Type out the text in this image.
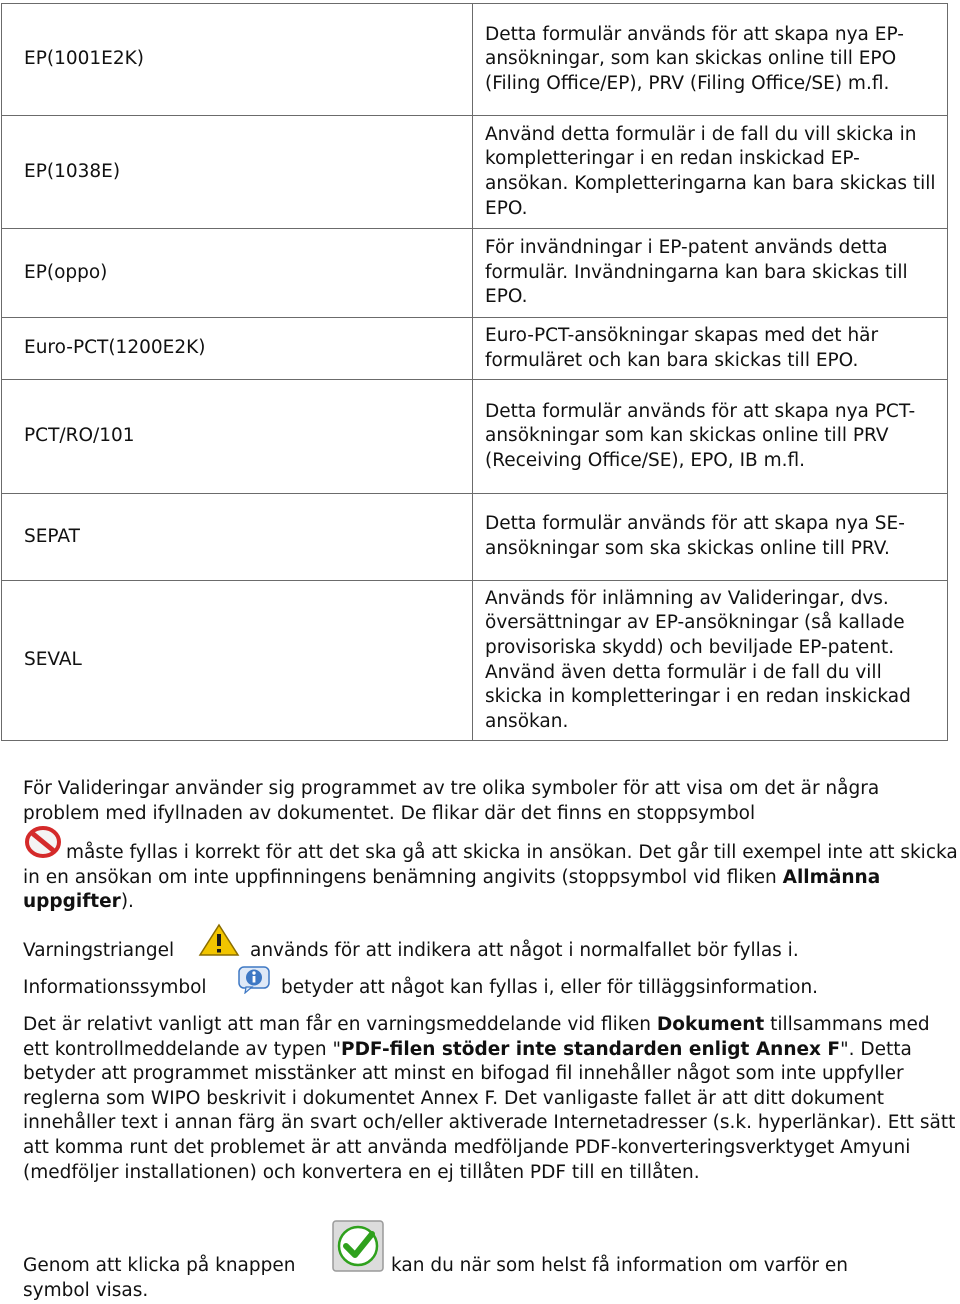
EP(1001E2K)	Detta formulär används för att skapa nya EP-ansökningar, som kan skickas online till EPO (Filing Office/EP), PRV (Filing Office/SE) m.fl.
EP(1038E)	Använd detta formulär i de fall du vill skicka in kompletteringar i en redan inskickad EP-ansökan. Kompletteringarna kan bara skickas till EPO.
EP(oppo)	För invändningar i EP-patent används detta formulär. Invändningarna kan bara skickas till EPO.
Euro-PCT(1200E2K)	Euro-PCT-ansökningar skapas med det här formuläret och kan bara skickas till EPO.
PCT/RO/101	Detta formulär används för att skapa nya PCT-ansökningar som kan skickas online till PRV (Receiving Office/SE), EPO, IB m.fl.
SEPAT	Detta formulär används för att skapa nya SE-ansökningar som ska skickas online till PRV.
SEVAL	Används för inlämning av Valideringar, dvs. översättningar av EP-ansökningar (så kallade provisoriska skydd) och beviljade EP-patent. Använd även detta formulär i de fall du vill skicka in kompletteringar i en redan inskickad ansökan.
För Valideringar använder sig programmet av tre olika symboler för att visa om det är några problem med ifyllnaden av dokumentet. De flikar där det finns en stoppsymbol
måste fyllas i korrekt för att det ska gå att skicka in ansökan. Det går till exempel inte att skicka in en ansökan om inte uppfinningens benämning angivits (stoppsymbol vid fliken Allmänna uppgifter).
Varningstriangel	används för att indikera att något i normalfallet bör fyllas i.
Informationssymbol	betyder att något kan fyllas i, eller för tilläggsinformation.
Det är relativt vanligt att man får en varningsmeddelande vid fliken Dokument tillsammans med ett kontrollmeddelande av typen "PDF-filen stöder inte standarden enligt Annex F". Detta betyder att programmet misstänker att minst en bifogad fil innehåller något som inte uppfyller reglerna som WIPO beskrivit i dokumentet Annex F. Det vanligaste fallet är att ditt dokument innehåller text i annan färg än svart och/eller aktiverade Internetadresser (s.k. hyperlänkar). Ett sätt att komma runt det problemet är att använda medföljande PDF-konverteringsverktyget Amyuni (medföljer installationen) och konvertera en ej tillåten PDF till en tillåten.
Genom att klicka på knappen	kan du när som helst få information om varför en
symbol visas.
